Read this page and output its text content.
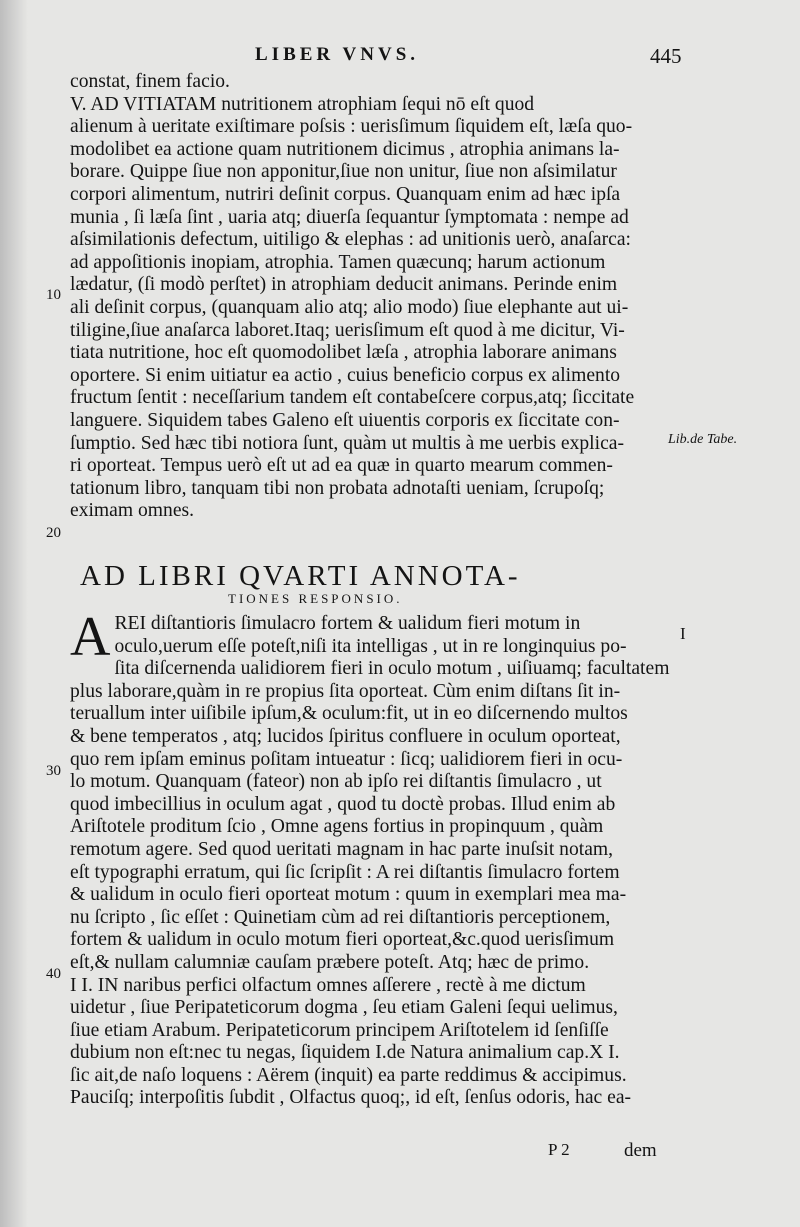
LIBER VNVS.	445
constat, finem facio.
V. AD VITIATAM nutritionem atrophiam ſequi nō eſt quod
alienum à ueritate exiſtimare poſsis : uerisſimum ſiquidem eſt, læſa quo-
modolibet ea actione quam nutritionem dicimus , atrophia animans la-
borare. Quippe ſiue non apponitur,ſiue non unitur, ſiue non aſsimilatur
corpori alimentum, nutriri deſinit corpus. Quanquam enim ad hæc ipſa
munia , ſi læſa ſint , uaria atq; diuerſa ſequantur ſymptomata : nempe ad
aſsimilationis defectum, uitiligo & elephas : ad unitionis uerò, anaſarca:
ad appoſitionis inopiam, atrophia. Tamen quæcunq; harum actionum
lædatur, (ſi modò perſtet) in atrophiam deducit animans. Perinde enim
ali deſinit corpus, (quanquam alio atq; alio modo) ſiue elephante aut ui-
tiligine,ſiue anaſarca laboret.Itaq; uerisſimum eſt quod à me dicitur, Vi-
tiata nutritione, hoc eſt quomodolibet læſa , atrophia laborare animans
oportere. Si enim uitiatur ea actio , cuius beneficio corpus ex alimento
fructum ſentit : neceſſarium tandem eſt contabeſcere corpus,atq; ſiccitate
languere. Siquidem tabes Galeno eſt uiuentis corporis ex ſiccitate con-
ſumptio. Sed hæc tibi notiora ſunt, quàm ut multis à me uerbis explica-
ri oporteat. Tempus uerò eſt ut ad ea quæ in quarto mearum commen-
tationum libro, tanquam tibi non probata adnotaſti ueniam, ſcrupoſq;
eximam omnes.
10
20
30
40
Lib.de Tabe.
I
AD LIBRI QVARTI ANNOTA-
TIONES RESPONSIO.
A REI diſtantioris ſimulacro fortem & ualidum fieri motum in
oculo,uerum eſſe poteſt,niſi ita intelligas , ut in re longinquius po-
ſita diſcernenda ualidiorem fieri in oculo motum , uiſiuamq; facultatem
plus laborare,quàm in re propius ſita oporteat. Cùm enim diſtans ſit in-
teruallum inter uiſibile ipſum,& oculum:fit, ut in eo diſcernendo multos
& bene temperatos , atq; lucidos ſpiritus confluere in oculum oporteat,
quo rem ipſam eminus poſitam intueatur : ſicq; ualidiorem fieri in ocu-
lo motum. Quanquam (fateor) non ab ipſo rei diſtantis ſimulacro , ut
quod imbecillius in oculum agat , quod tu doctè probas. Illud enim ab
Ariſtotele proditum ſcio , Omne agens fortius in propinquum , quàm
remotum agere. Sed quod ueritati magnam in hac parte inuſsit notam,
eſt typographi erratum, qui ſic ſcripſit : A rei diſtantis ſimulacro fortem
& ualidum in oculo fieri oporteat motum : quum in exemplari mea ma-
nu ſcripto , ſic eſſet : Quinetiam cùm ad rei diſtantioris perceptionem,
fortem & ualidum in oculo motum fieri oporteat,&c.quod uerisſimum
eſt,& nullam calumniæ cauſam præbere poteſt. Atq; hæc de primo.
I I. IN naribus perfici olfactum omnes aſſerere , rectè à me dictum
uidetur , ſiue Peripateticorum dogma , ſeu etiam Galeni ſequi uelimus,
ſiue etiam Arabum. Peripateticorum principem Ariſtotelem id ſenſiſſe
dubium non eſt:nec tu negas, ſiquidem I.de Natura animalium cap.X I.
ſic ait,de naſo loquens : Aërem (inquit) ea parte reddimus & accipimus.
Pauciſq; interpoſitis ſubdit , Olfactus quoq;, id eſt, ſenſus odoris, hac ea-
P 2	dem
